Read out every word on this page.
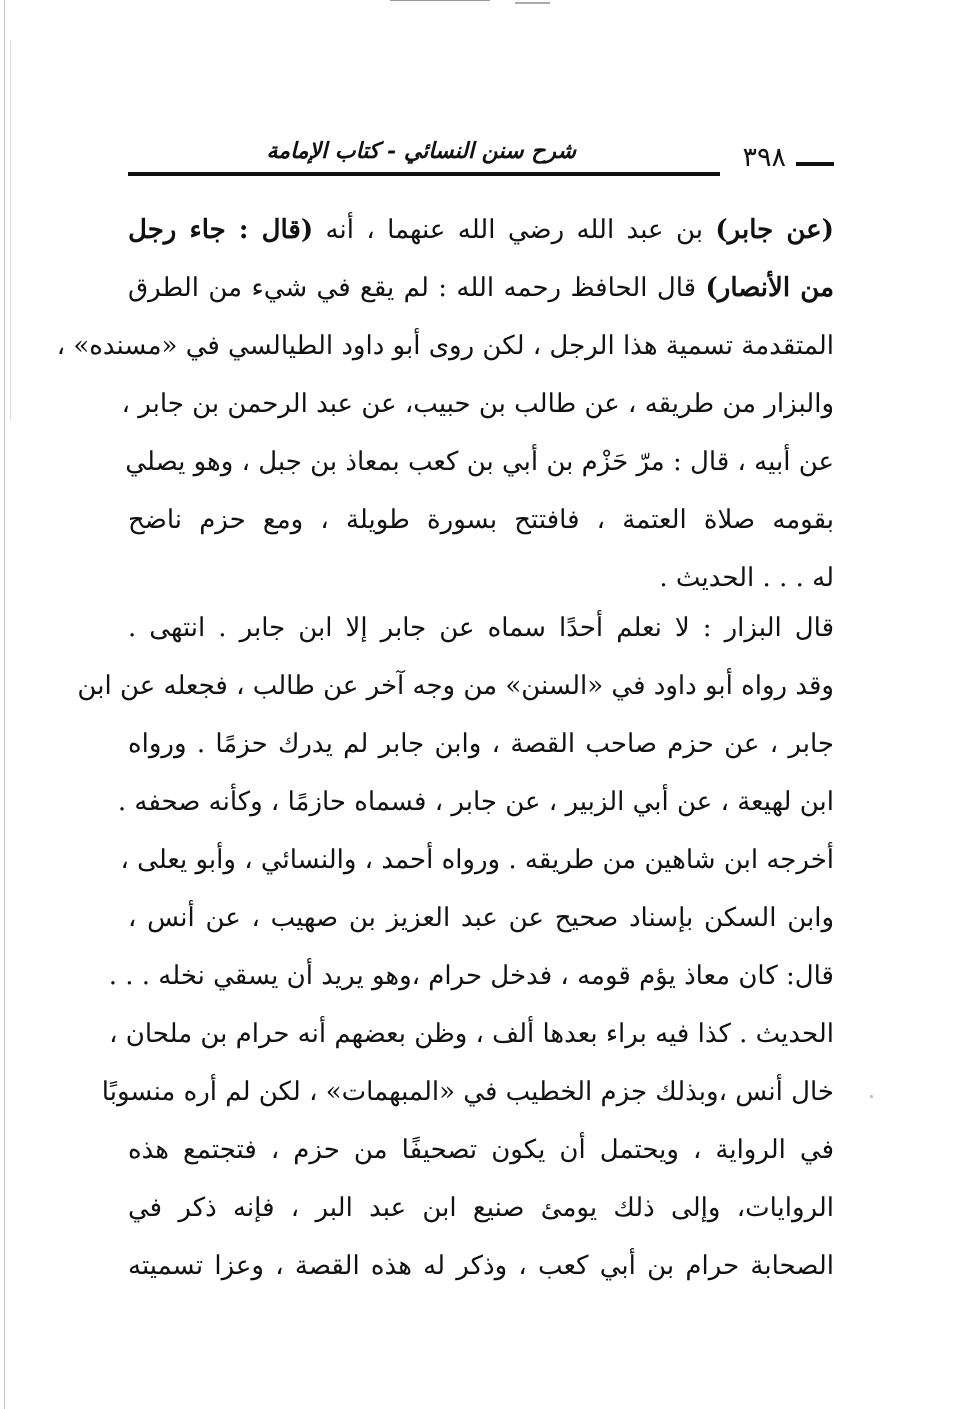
شرح سنن النسائي - كتاب الإمامة	٣٩٨
(عن جابر) بن عبد الله رضي الله عنهما ، أنه (قال : جاء رجل
من الأنصار) قال الحافظ رحمه الله : لم يقع في شيء من الطرق
المتقدمة تسمية هذا الرجل ، لكن روى أبو داود الطيالسي في «مسنده» ،
والبزار من طريقه ، عن طالب بن حبيب، عن عبد الرحمن بن جابر ،
عن أبيه ، قال : مرّ حَزْم بن أبي بن كعب بمعاذ بن جبل ، وهو يصلي
بقومه صلاة العتمة ، فافتتح بسورة طويلة ، ومع حزم ناضح
له . . . الحديث .
قال البزار : لا نعلم أحدًا سماه عن جابر إلا ابن جابر . انتهى .
وقد رواه أبو داود في «السنن» من وجه آخر عن طالب ، فجعله عن ابن
جابر ، عن حزم صاحب القصة ، وابن جابر لم يدرك حزمًا . ورواه
ابن لهيعة ، عن أبي الزبير ، عن جابر ، فسماه حازمًا ، وكأنه صحفه .
أخرجه ابن شاهين من طريقه . ورواه أحمد ، والنسائي ، وأبو يعلى ،
وابن السكن بإسناد صحيح عن عبد العزيز بن صهيب ، عن أنس ،
قال: كان معاذ يؤم قومه ، فدخل حرام ،وهو يريد أن يسقي نخله . . .
الحديث . كذا فيه براء بعدها ألف ، وظن بعضهم أنه حرام بن ملحان ،
خال أنس ،وبذلك جزم الخطيب في «المبهمات» ، لكن لم أره منسوبًا
في الرواية ، ويحتمل أن يكون تصحيفًا من حزم ، فتجتمع هذه
الروايات، وإلى ذلك يومئ صنيع ابن عبد البر ، فإنه ذكر في
الصحابة حرام بن أبي كعب ، وذكر له هذه القصة ، وعزا تسميته
